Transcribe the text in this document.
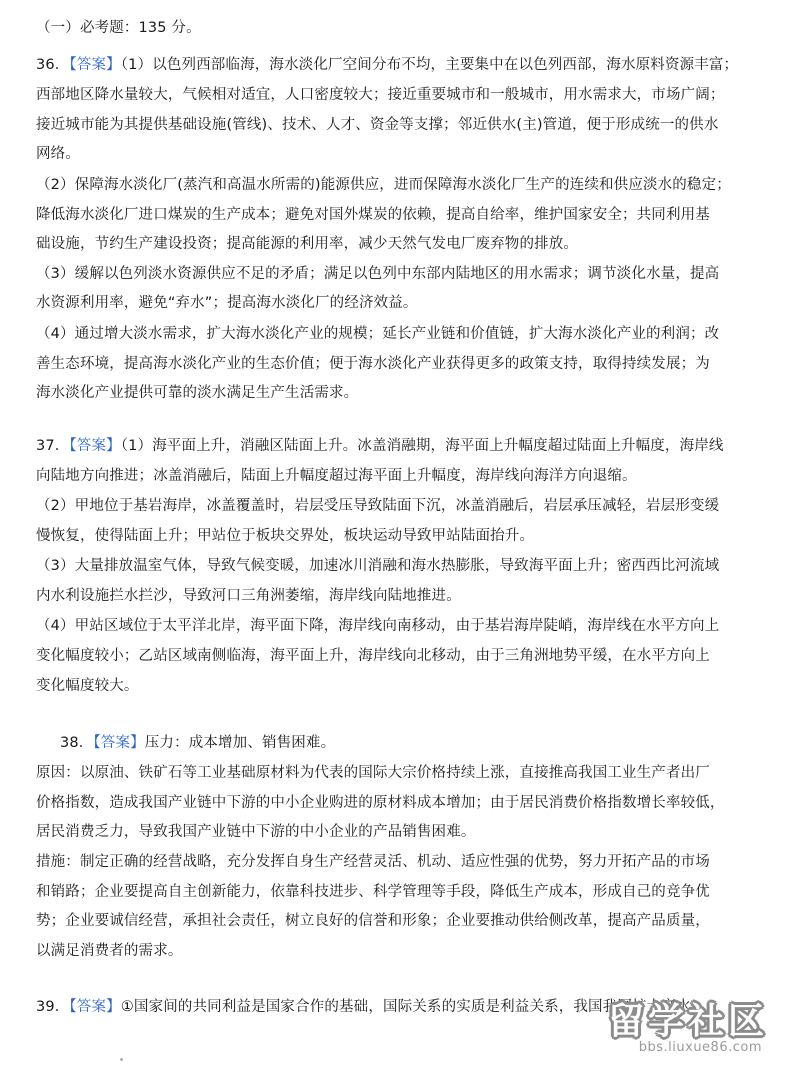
（一）必考题：135 分。
36．【答案】（1）以色列西部临海，海水淡化厂空间分布不均，主要集中在以色列西部，海水原料资源丰富；
西部地区降水量较大，气候相对适宜，人口密度较大；接近重要城市和一般城市，用水需求大，市场广阔；
接近城市能为其提供基础设施(管线)、技术、人才、资金等支撑；邻近供水(主)管道，便于形成统一的供水
网络。
（2）保障海水淡化厂(蒸汽和高温水所需的)能源供应，进而保障海水淡化厂生产的连续和供应淡水的稳定；
降低海水淡化厂进口煤炭的生产成本；避免对国外煤炭的依赖，提高自给率，维护国家安全；共同利用基
础设施，节约生产建设投资；提高能源的利用率，减少天然气发电厂废弃物的排放。
（3）缓解以色列淡水资源供应不足的矛盾；满足以色列中东部内陆地区的用水需求；调节淡化水量，提高
水资源利用率，避免“弃水”；提高海水淡化厂的经济效益。
（4）通过增大淡水需求，扩大海水淡化产业的规模；延长产业链和价值链，扩大海水淡化产业的利润；改
善生态环境，提高海水淡化产业的生态价值；便于海水淡化产业获得更多的政策支持，取得持续发展；为
海水淡化产业提供可靠的淡水满足生产生活需求。
37．【答案】（1）海平面上升，消融区陆面上升。冰盖消融期，海平面上升幅度超过陆面上升幅度，海岸线
向陆地方向推进；冰盖消融后，陆面上升幅度超过海平面上升幅度，海岸线向海洋方向退缩。
（2）甲地位于基岩海岸，冰盖覆盖时，岩层受压导致陆面下沉，冰盖消融后，岩层承压减轻，岩层形变缓
慢恢复，使得陆面上升；甲站位于板块交界处，板块运动导致甲站陆面抬升。
（3）大量排放温室气体，导致气候变暖，加速冰川消融和海水热膨胀，导致海平面上升；密西西比河流域
内水利设施拦水拦沙，导致河口三角洲萎缩，海岸线向陆地推进。
（4）甲站区域位于太平洋北岸，海平面下降，海岸线向南移动，由于基岩海岸陡峭，海岸线在水平方向上
变化幅度较小；乙站区域南侧临海，海平面上升，海岸线向北移动，由于三角洲地势平缓，在水平方向上
变化幅度较大。
38．【答案】压力：成本增加、销售困难。
原因：以原油、铁矿石等工业基础原材料为代表的国际大宗价格持续上涨，直接推高我国工业生产者出厂
价格指数，造成我国产业链中下游的中小企业购进的原材料成本增加；由于居民消费价格指数增长率较低，
居民消费乏力，导致我国产业链中下游的中小企业的产品销售困难。
措施：制定正确的经营战略，充分发挥自身生产经营灵活、机动、适应性强的优势，努力开拓产品的市场
和销路；企业要提高自主创新能力，依靠科技进步、科学管理等手段，降低生产成本，形成自己的竞争优
势；企业要诚信经营，承担社会责任，树立良好的信誉和形象；企业要推动供给侧改革，提高产品质量，
以满足消费者的需求。
39．【答案】①国家间的共同利益是国家合作的基础，国际关系的实质是利益关系，我国我国扩大高水
留学社区
bbs.liuxue86.com
